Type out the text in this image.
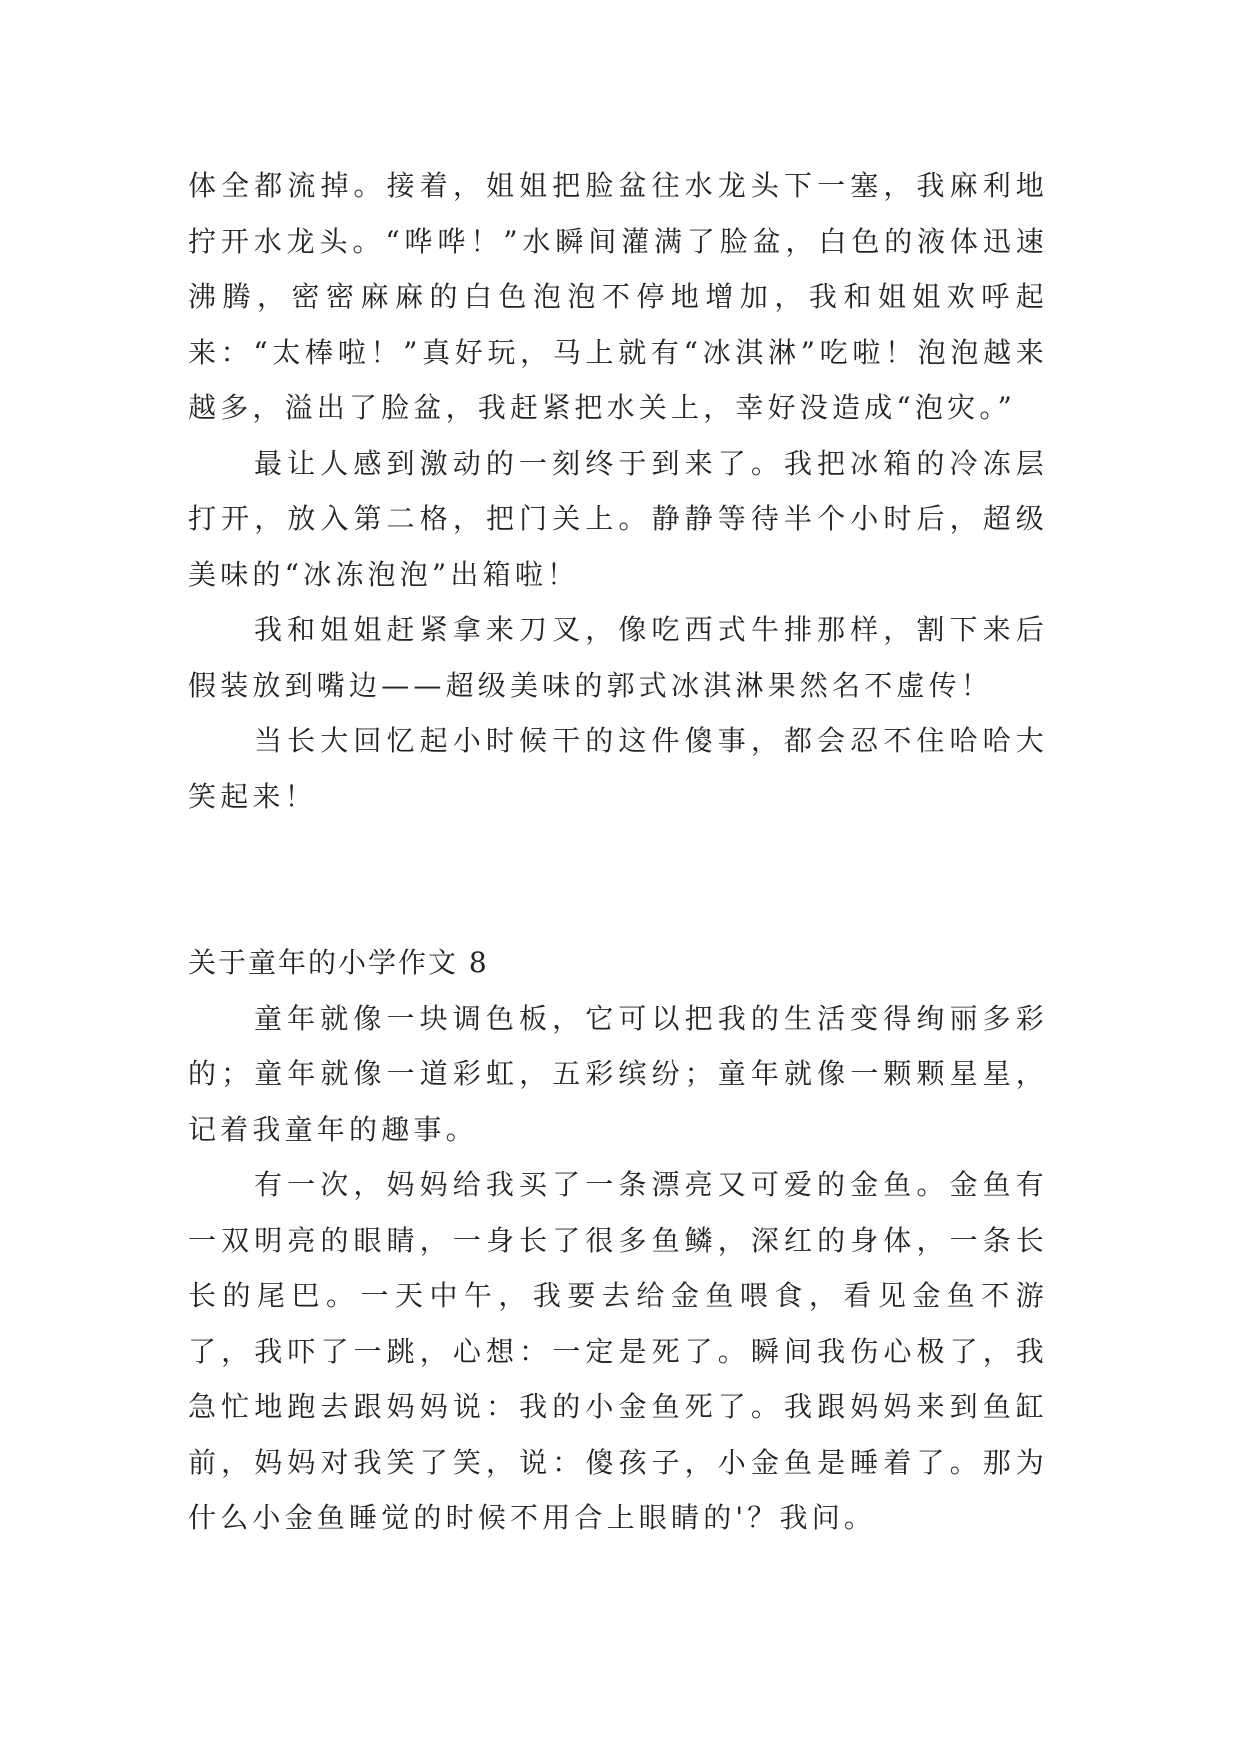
体全都流掉。接着，姐姐把脸盆往水龙头下一塞，我麻利地拧开水龙头。“哗哗！”水瞬间灌满了脸盆，白色的液体迅速沸腾，密密麻麻的白色泡泡不停地增加，我和姐姐欢呼起来：“太棒啦！”真好玩，马上就有“冰淇淋”吃啦！泡泡越来越多，溢出了脸盆，我赶紧把水关上，幸好没造成“泡灾。”

最让人感到激动的一刻终于到来了。我把冰箱的冷冻层打开，放入第二格，把门关上。静静等待半个小时后，超级美味的“冰冻泡泡”出箱啦！

我和姐姐赶紧拿来刀叉，像吃西式牛排那样，割下来后假装放到嘴边——超级美味的郭式冰淇淋果然名不虚传！

当长大回忆起小时候干的这件傻事，都会忍不住哈哈大笑起来！

关于童年的小学作文 8

童年就像一块调色板，它可以把我的生活变得绚丽多彩的；童年就像一道彩虹，五彩缤纷；童年就像一颗颗星星，记着我童年的趣事。

有一次，妈妈给我买了一条漂亮又可爱的金鱼。金鱼有一双明亮的眼睛，一身长了很多鱼鳞，深红的身体，一条长长的尾巴。一天中午，我要去给金鱼喂食，看见金鱼不游了，我吓了一跳，心想：一定是死了。瞬间我伤心极了，我急忙地跑去跟妈妈说：我的小金鱼死了。我跟妈妈来到鱼缸前，妈妈对我笑了笑，说：傻孩子，小金鱼是睡着了。那为什么小金鱼睡觉的时候不用合上眼睛的'？我问。
